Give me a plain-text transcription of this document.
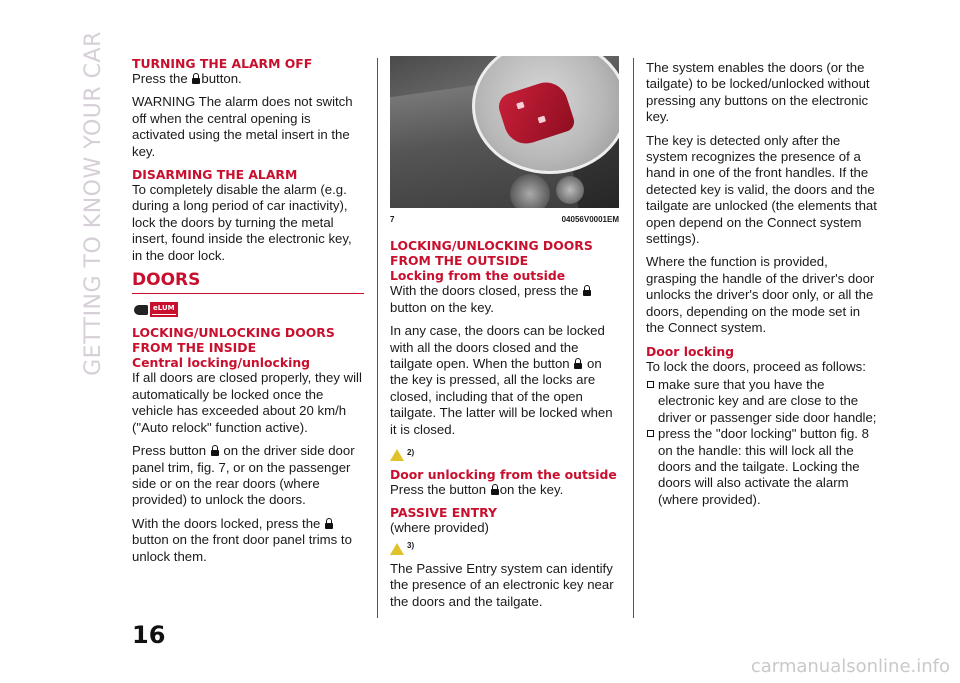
GETTING TO KNOW YOUR CAR TURNING THE ALARM OFF

Press the button.

WARNING The alarm does not switch off when the central opening is activated using the metal insert in the key.

DISARMING THE ALARM

To completely disable the alarm (e.g. during a long period of car inactivity), lock the doors by turning the metal insert, found inside the electronic key, in the door lock.

DOORS
eLUM
LOCKING/UNLOCKING DOORS FROM THE INSIDE
Central locking/unlocking

If all doors are closed properly, they will automatically be locked once the vehicle has exceeded about 20 km/h ("Auto relock" function active).

Press button on the driver side door panel trim, fig. 7, or on the passenger side or on the rear doors (where provided) to unlock the doors.

With the doors locked, press the  button on the front door panel trims to unlock them.

7	04056V0001EM
LOCKING/UNLOCKING DOORS FROM THE OUTSIDE
Locking from the outside

With the doors closed, press the  button on the key.

In any case, the doors can be locked with all the doors closed and the tailgate open. When the button on the key is pressed, all the locks are closed, including that of the open tailgate. The latter will be locked when it is closed.

2)
Door unlocking from the outside

Press the button on the key.

PASSIVE ENTRY

(where provided)

3)

The Passive Entry system can identify the presence of an electronic key near the doors and the tailgate.

The system enables the doors (or the tailgate) to be locked/unlocked without pressing any buttons on the electronic key.

The key is detected only after the system recognizes the presence of a hand in one of the front handles. If the detected key is valid, the doors and the tailgate are unlocked (the elements that open depend on the Connect system settings).

Where the function is provided, grasping the handle of the driver's door unlocks the driver's door only, or all the doors, depending on the mode set in the Connect system.

Door locking

To lock the doors, proceed as follows:

make sure that you have the electronic key and are close to the driver or passenger side door handle;
press the "door locking" button fig. 8 on the handle: this will lock all the doors and the tailgate. Locking the doors will also activate the alarm (where provided).
16
carmanualsonline.info
